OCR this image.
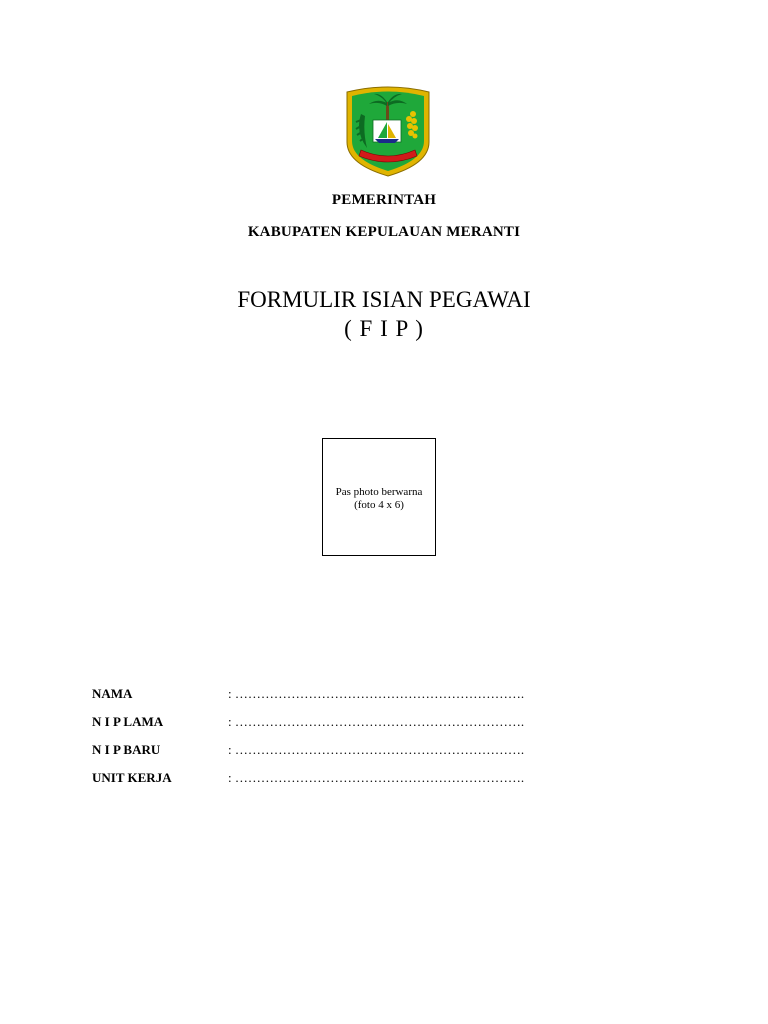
PEMERINTAH
KABUPATEN KEPULAUAN MERANTI
FORMULIR ISIAN PEGAWAI
( F I P )
Pas photo berwarna
(foto 4 x 6)
NAMA	: ………………………………………………………….
N I P LAMA	: ………………………………………………………….
N I P BARU	: ………………………………………………………….
UNIT KERJA	: ………………………………………………………….
